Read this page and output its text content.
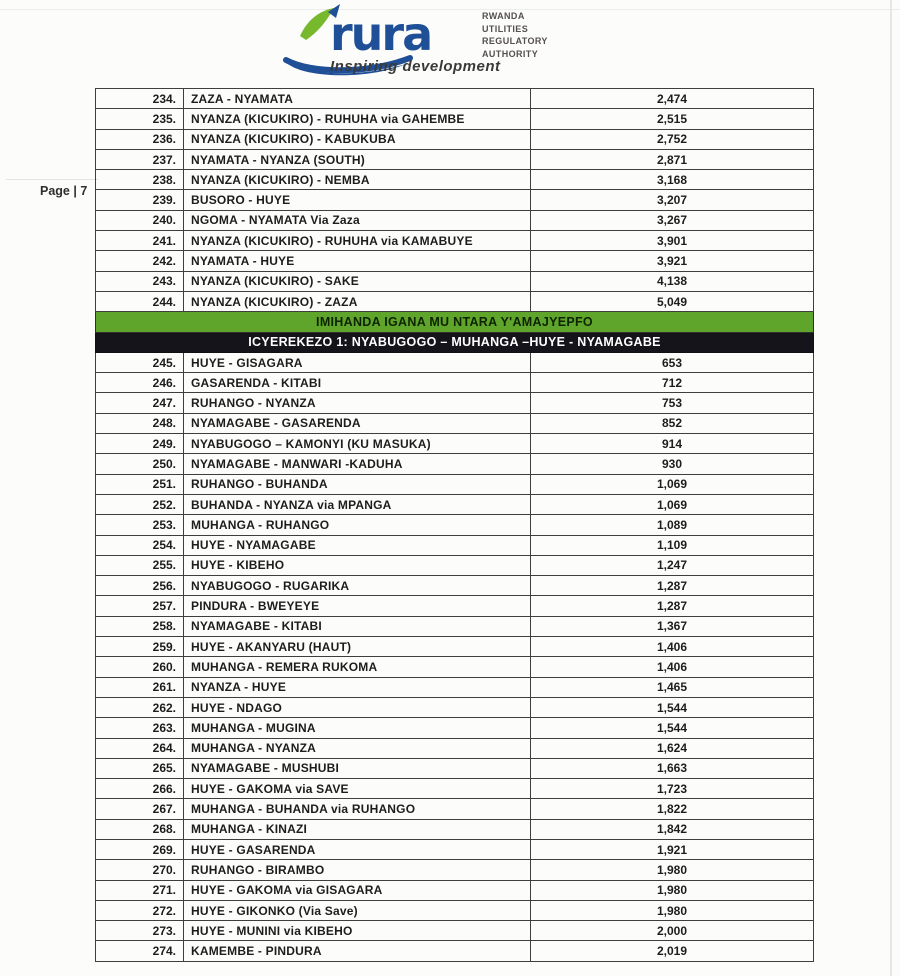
rura
Inspiring development
RWANDA
UTILITIES
REGULATORY
AUTHORITY
Page | 7
234.	ZAZA - NYAMATA	2,474
235.	NYANZA (KICUKIRO) - RUHUHA via GAHEMBE	2,515
236.	NYANZA (KICUKIRO) - KABUKUBA	2,752
237.	NYAMATA - NYANZA (SOUTH)	2,871
238.	NYANZA (KICUKIRO) - NEMBA	3,168
239.	BUSORO - HUYE	3,207
240.	NGOMA - NYAMATA Via Zaza	3,267
241.	NYANZA (KICUKIRO) - RUHUHA via KAMABUYE	3,901
242.	NYAMATA - HUYE	3,921
243.	NYANZA (KICUKIRO) - SAKE	4,138
244.	NYANZA (KICUKIRO) - ZAZA	5,049
IMIHANDA IGANA MU NTARA Y'AMAJYEPFO		
ICYEREKEZO 1: NYABUGOGO – MUHANGA –HUYE - NYAMAGABE		
245.	HUYE - GISAGARA	653
246.	GASARENDA - KITABI	712
247.	RUHANGO - NYANZA	753
248.	NYAMAGABE - GASARENDA	852
249.	NYABUGOGO – KAMONYI (KU MASUKA)	914
250.	NYAMAGABE - MANWARI -KADUHA	930
251.	RUHANGO - BUHANDA	1,069
252.	BUHANDA - NYANZA via MPANGA	1,069
253.	MUHANGA - RUHANGO	1,089
254.	HUYE - NYAMAGABE	1,109
255.	HUYE - KIBEHO	1,247
256.	NYABUGOGO - RUGARIKA	1,287
257.	PINDURA - BWEYEYE	1,287
258.	NYAMAGABE - KITABI	1,367
259.	HUYE - AKANYARU (HAUT)	1,406
260.	MUHANGA - REMERA RUKOMA	1,406
261.	NYANZA - HUYE	1,465
262.	HUYE - NDAGO	1,544
263.	MUHANGA - MUGINA	1,544
264.	MUHANGA - NYANZA	1,624
265.	NYAMAGABE - MUSHUBI	1,663
266.	HUYE - GAKOMA via SAVE	1,723
267.	MUHANGA - BUHANDA via RUHANGO	1,822
268.	MUHANGA - KINAZI	1,842
269.	HUYE - GASARENDA	1,921
270.	RUHANGO - BIRAMBO	1,980
271.	HUYE - GAKOMA via GISAGARA	1,980
272.	HUYE - GIKONKO (Via Save)	1,980
273.	HUYE - MUNINI via KIBEHO	2,000
274.	KAMEMBE - PINDURA	2,019
